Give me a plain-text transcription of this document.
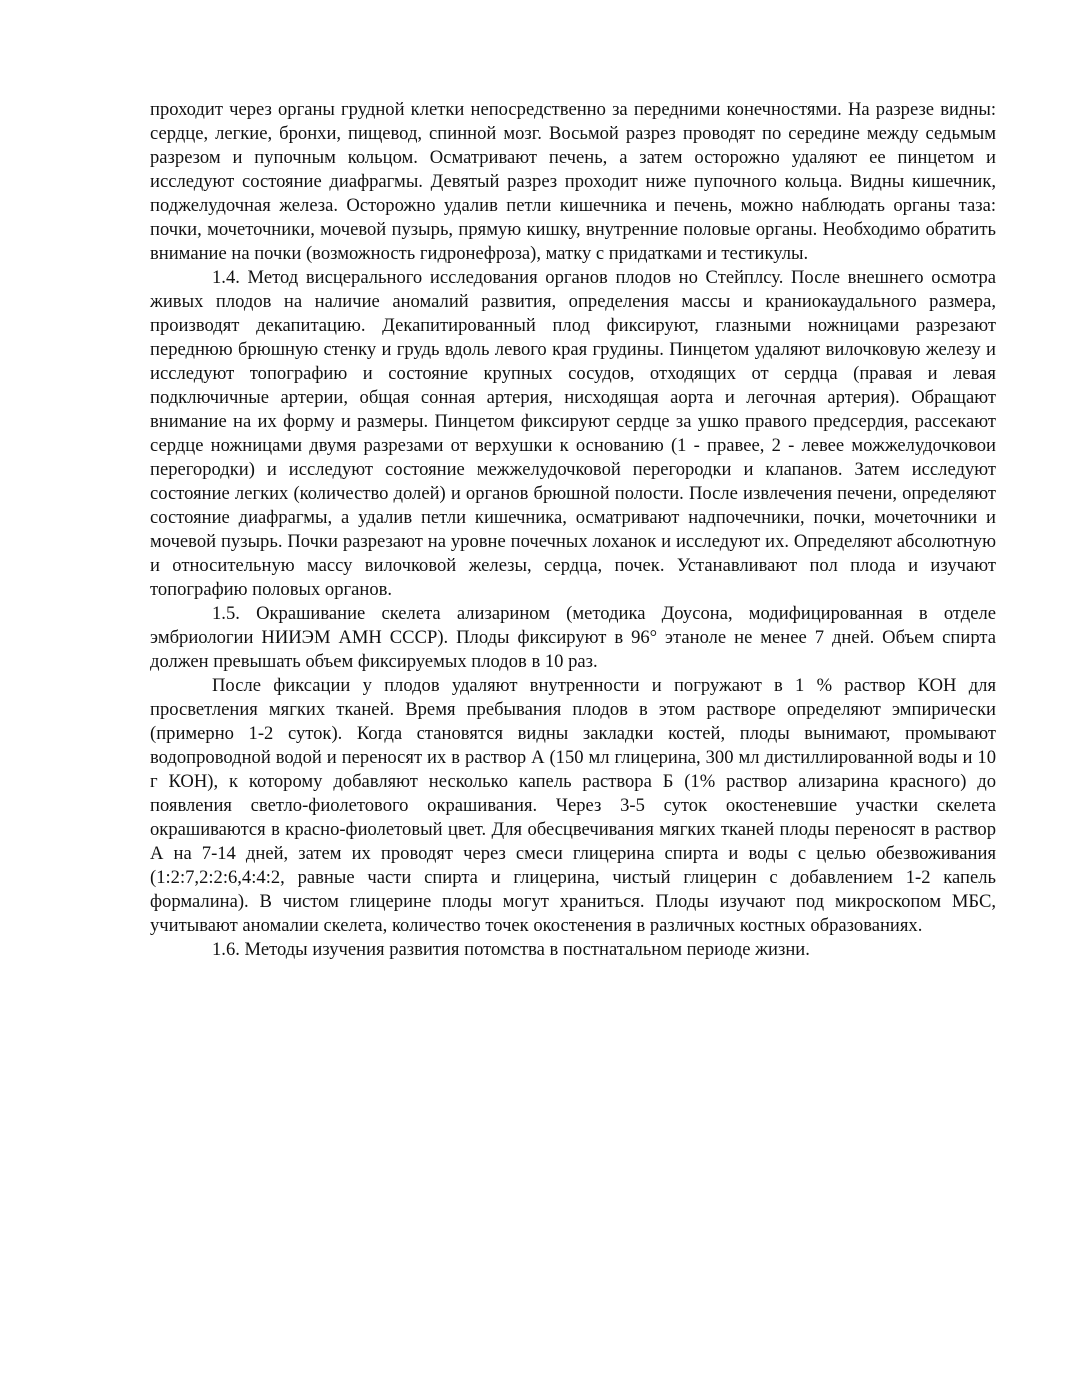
проходит через органы грудной клетки непосредственно за передними конечностями. На разрезе видны: сердце, легкие, бронхи, пищевод, спинной мозг. Восьмой разрез проводят по середине между седьмым разрезом и пупочным кольцом. Осматривают печень, а затем осторожно удаляют ее пинцетом и исследуют состояние диафрагмы. Девятый разрез проходит ниже пупочного кольца. Видны кишечник, поджелудочная железа. Осторожно удалив петли кишечника и печень, можно наблюдать органы таза: почки, мочеточники, мочевой пузырь, прямую кишку, внутренние половые органы. Необходимо обратить внимание на почки (возможность гидронефроза), матку с придатками и тестикулы.

1.4. Метод висцерального исследования органов плодов но Стейплсу. После внешнего осмотра живых плодов на наличие аномалий развития, определения массы и краниокаудального размера, производят декапитацию. Декапитированный плод фиксируют, глазными ножницами разрезают переднюю брюшную стенку и грудь вдоль левого края грудины. Пинцетом удаляют вилочковую железу и исследуют топографию и состояние крупных сосудов, отходящих от сердца (правая и левая подключичные артерии, общая сонная артерия, нисходящая аорта и легочная артерия). Обращают внимание на их форму и размеры. Пинцетом фиксируют сердце за ушко правого предсердия, рассекают сердце ножницами двумя разрезами от верхушки к основанию (1 - правее, 2 - левее можжелудочковои перегородки) и исследуют состояние межжелудочковой перегородки и клапанов. Затем исследуют состояние легких (количество долей) и органов брюшной полости. После извлечения печени, определяют состояние диафрагмы, а удалив петли кишечника, осматривают надпочечники, почки, мочеточники и мочевой пузырь. Почки разрезают на уровне почечных лоханок и исследуют их. Определяют абсолютную и относительную массу вилочковой железы, сердца, почек. Устанавливают пол плода и изучают топографию половых органов.

1.5. Окрашивание скелета ализарином (методика Доусона, модифицированная в отделе эмбриологии НИИЭМ АМН СССР). Плоды фиксируют в 96° этаноле не менее 7 дней. Объем спирта должен превышать объем фиксируемых плодов в 10 раз.

После фиксации у плодов удаляют внутренности и погружают в 1 % раствор КОН для просветления мягких тканей. Время пребывания плодов в этом растворе определяют эмпирически (примерно 1-2 суток). Когда становятся видны закладки костей, плоды вынимают, промывают водопроводной водой и переносят их в раствор А (150 мл глицерина, 300 мл дистиллированной воды и 10 г КОН), к которому добавляют несколько капель раствора Б (1% раствор ализарина красного) до появления светло-фиолетового окрашивания. Через 3-5 суток окостеневшие участки скелета окрашиваются в красно-фиолетовый цвет. Для обесцвечивания мягких тканей плоды переносят в раствор А на 7-14 дней, затем их проводят через смеси глицерина спирта и воды с целью обезвоживания (1:2:7,2:2:6,4:4:2, равные части спирта и глицерина, чистый глицерин с добавлением 1-2 капель формалина). В чистом глицерине плоды могут храниться. Плоды изучают под микроскопом МБС, учитывают аномалии скелета, количество точек окостенения в различных костных образованиях.

1.6. Методы изучения развития потомства в постнатальном периоде жизни.
